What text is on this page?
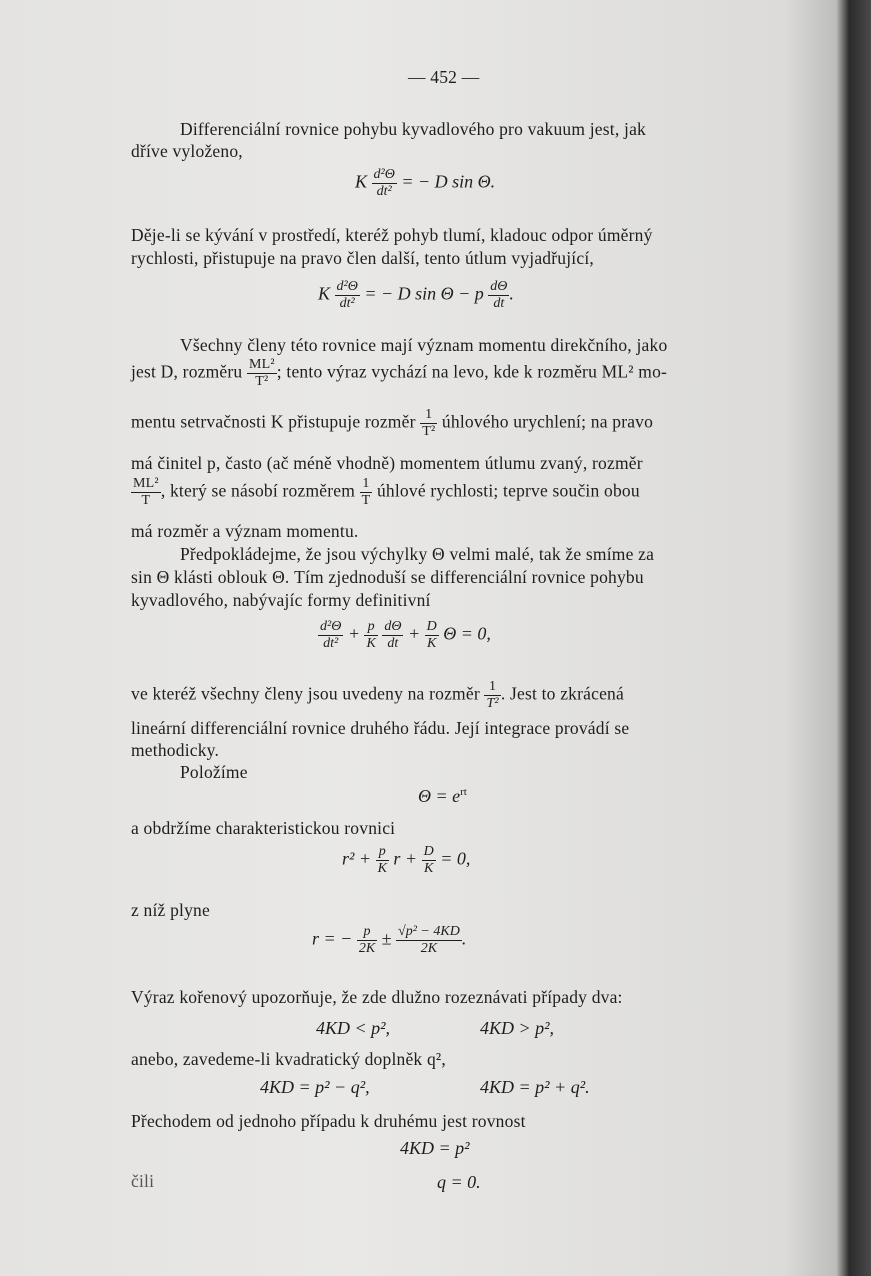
— 452 —
Differenciální rovnice pohybu kyvadlového pro vakuum jest, jak
dříve vyloženo,
K $\frac{\text{d²Θ}}{\text{dt²}}$ = − D sin Θ.
Děje-li se kývání v prostředí, kteréž pohyb tlumí, kladouc odpor úměrný
rychlosti, přistupuje na pravo člen další, tento útlum vyjadřující,
K $\frac{\text{d²Θ}}{\text{dt²}}$ = − D sin Θ − p $\frac{d\Theta}{dt}$ .
Všechny členy této rovnice mají význam momentu direkčního, jako
jest D, rozměru $\frac{\text{ML²}}{\text{T²}}$ ; tento výraz vychází na levo, kde k rozměru ML² mo-
mentu setrvačnosti K přistupuje rozměr $\frac{1}{\text{T²}}$ úhlového urychlení; na pravo
má činitel p, často (ač méně vhodně) momentem útlumu zvaný, rozměr
$\frac{\text{ML²}}{T}$ , který se násobí rozměrem $\frac{1}{T}$ úhlové rychlosti; teprve součin obou
má rozměr a význam momentu.
Předpokládejme, že jsou výchylky Θ velmi malé, tak že smíme za
sin Θ klásti oblouk Θ. Tím zjednoduší se differenciální rovnice pohybu
kyvadlového, nabývajíc formy definitivní
$\frac{\text{d²Θ}}{\text{dt²}} + \frac{p}{K}$
$\frac{d\Theta}{dt} + \frac{D}{K}$ Θ = 0,
ve kteréž všechny členy jsou uvedeny na rozměr $\frac{1}{\text{T²}}$ . Jest to zkrácená
lineární differenciální rovnice druhého řádu. Její integrace provádí se
methodicky.
Položíme
$\Theta = e^{rt}$
a obdržíme charakteristickou rovnici
$r^2 + \frac{p}{K}$ $r + \frac{D}{K} = 0$,
z níž plyne
r = − $\frac{p}{2K} \pm \frac{\text{√p² − 4KD}}{2K}$ .
Výraz kořenový upozorňuje, že zde dlužno rozeznávati případy dva:
4KD < p²,	4KD > p²,
anebo, zavedeme-li kvadratický doplněk q²,
4KD = p² − q²,	4KD = p² + q².
Přechodem od jednoho případu k druhému jest rovnost
4KD = p²
čili	q = 0.
